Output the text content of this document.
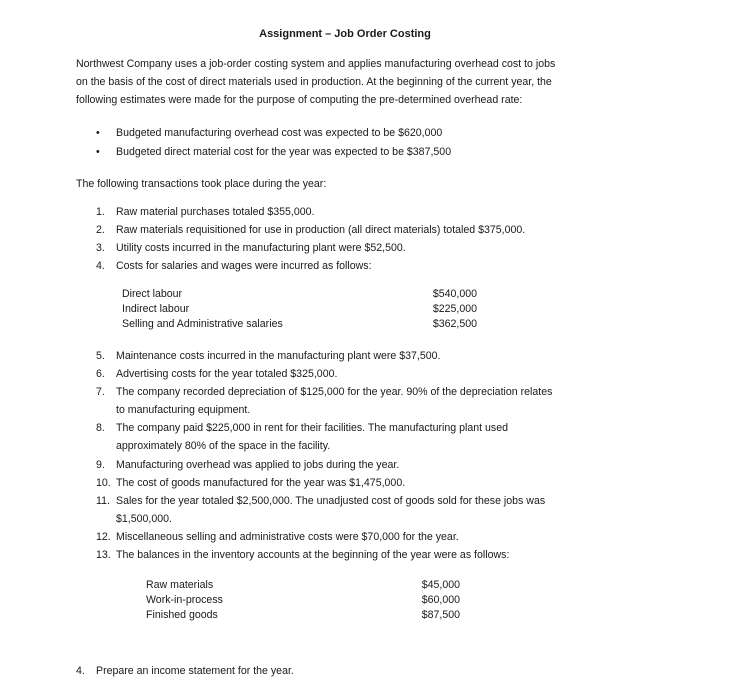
Assignment – Job Order Costing
Northwest Company uses a job-order costing system and applies manufacturing overhead cost to jobs
on the basis of the cost of direct materials used in production. At the beginning of the current year, the
following estimates were made for the purpose of computing the pre-determined overhead rate:
• Budgeted manufacturing overhead cost was expected to be $620,000
• Budgeted direct material cost for the year was expected to be $387,500
The following transactions took place during the year:
1. Raw material purchases totaled $355,000.
2. Raw materials requisitioned for use in production (all direct materials) totaled $375,000.
3. Utility costs incurred in the manufacturing plant were $52,500.
4. Costs for salaries and wages were incurred as follows:
Direct labour	$540,000
Indirect labour	$225,000
Selling and Administrative salaries	$362,500
5. Maintenance costs incurred in the manufacturing plant were $37,500.
6. Advertising costs for the year totaled $325,000.
7. The company recorded depreciation of $125,000 for the year. 90% of the depreciation relates
to manufacturing equipment.
8. The company paid $225,000 in rent for their facilities. The manufacturing plant used
approximately 80% of the space in the facility.
9. Manufacturing overhead was applied to jobs during the year.
10. The cost of goods manufactured for the year was $1,475,000.
11. Sales for the year totaled $2,500,000. The unadjusted cost of goods sold for these jobs was
$1,500,000.
12. Miscellaneous selling and administrative costs were $70,000 for the year.
13. The balances in the inventory accounts at the beginning of the year were as follows:
Raw materials	$45,000
Work-in-process	$60,000
Finished goods	$87,500
4. Prepare an income statement for the year.
